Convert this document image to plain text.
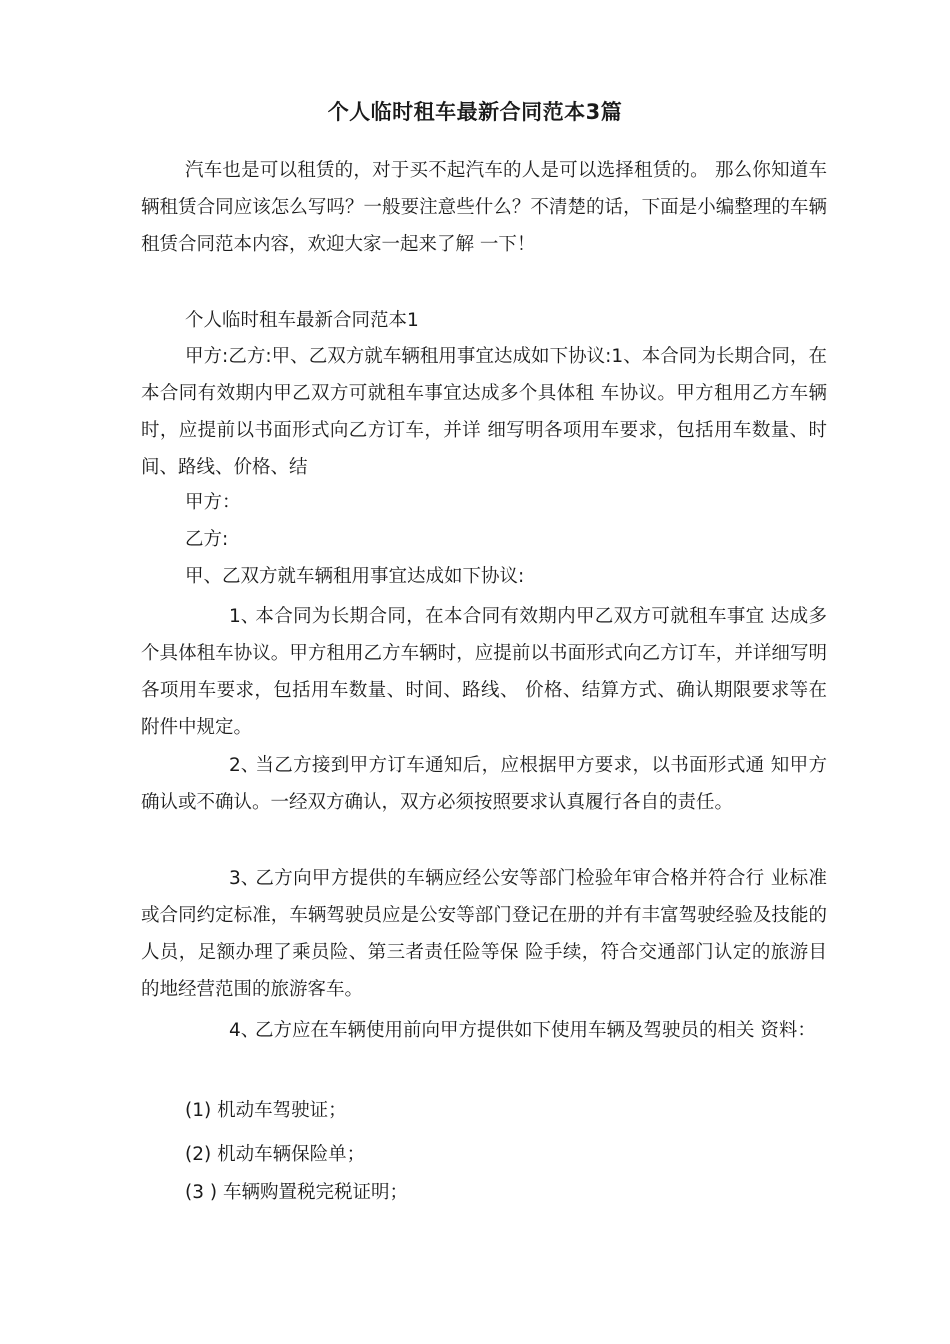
个人临时租车最新合同范本3篇

汽车也是可以租赁的，对于买不起汽车的人是可以选择租赁的。 那么你知道车辆租赁合同应该怎么写吗？一般要注意些什么？不清楚的话，下面是小编整理的车辆租赁合同范本内容，欢迎大家一起来了解 一下！

个人临时租车最新合同范本1

甲方:乙方:甲、乙双方就车辆租用事宜达成如下协议:1、本合同为长期合同，在本合同有效期内甲乙双方可就租车事宜达成多个具体租 车协议。甲方租用乙方车辆时，应提前以书面形式向乙方订车，并详 细写明各项用车要求，包括用车数量、时间、路线、价格、结

甲方：
乙方:
甲、乙双方就车辆租用事宜达成如下协议:

1、本合同为长期合同，在本合同有效期内甲乙双方可就租车事宜 达成多个具体租车协议。甲方租用乙方车辆时，应提前以书面形式向乙方订车，并详细写明各项用车要求，包括用车数量、时间、路线、 价格、结算方式、确认期限要求等在附件中规定。

2、当乙方接到甲方订车通知后，应根据甲方要求，以书面形式通 知甲方确认或不确认。一经双方确认，双方必须按照要求认真履行各自的责任。

3、乙方向甲方提供的车辆应经公安等部门检验年审合格并符合行 业标准或合同约定标准，车辆驾驶员应是公安等部门登记在册的并有丰富驾驶经验及技能的人员，足额办理了乘员险、第三者责任险等保 险手续，符合交通部门认定的旅游目的地经营范围的旅游客车。

4、乙方应在车辆使用前向甲方提供如下使用车辆及驾驶员的相关 资料：

(1) 机动车驾驶证；
(2) 机动车辆保险单；
(3 ) 车辆购置税完税证明；
